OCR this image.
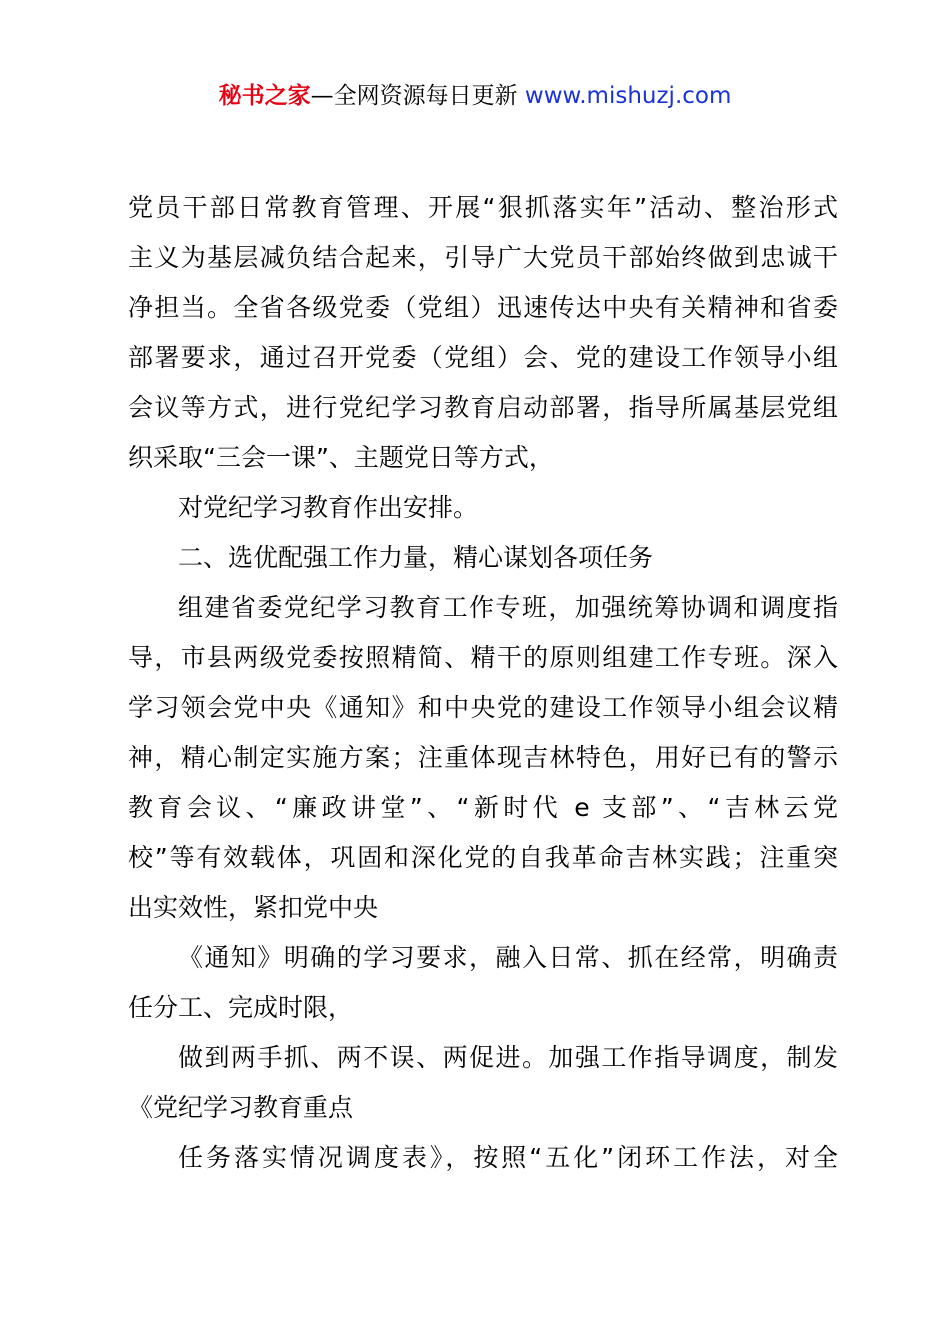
秘书之家—全网资源每日更新 www.mishuzj.com
党员干部日常教育管理、开展“狠抓落实年”活动、整治形式
主义为基层减负结合起来，引导广大党员干部始终做到忠诚干
净担当。全省各级党委（党组）迅速传达中央有关精神和省委
部署要求，通过召开党委（党组）会、党的建设工作领导小组
会议等方式，进行党纪学习教育启动部署，指导所属基层党组
织采取“三会一课”、主题党日等方式，
对党纪学习教育作出安排。
二、选优配强工作力量，精心谋划各项任务
组建省委党纪学习教育工作专班，加强统筹协调和调度指
导，市县两级党委按照精简、精干的原则组建工作专班。深入
学习领会党中央《通知》和中央党的建设工作领导小组会议精
神，精心制定实施方案；注重体现吉林特色，用好已有的警示
教育会议、“廉政讲堂”、“新时代 e 支部”、“吉林云党
校”等有效载体，巩固和深化党的自我革命吉林实践；注重突
出实效性，紧扣党中央
《通知》明确的学习要求，融入日常、抓在经常，明确责
任分工、完成时限，
做到两手抓、两不误、两促进。加强工作指导调度，制发
《党纪学习教育重点
任务落实情况调度表》，按照“五化”闭环工作法，对全
